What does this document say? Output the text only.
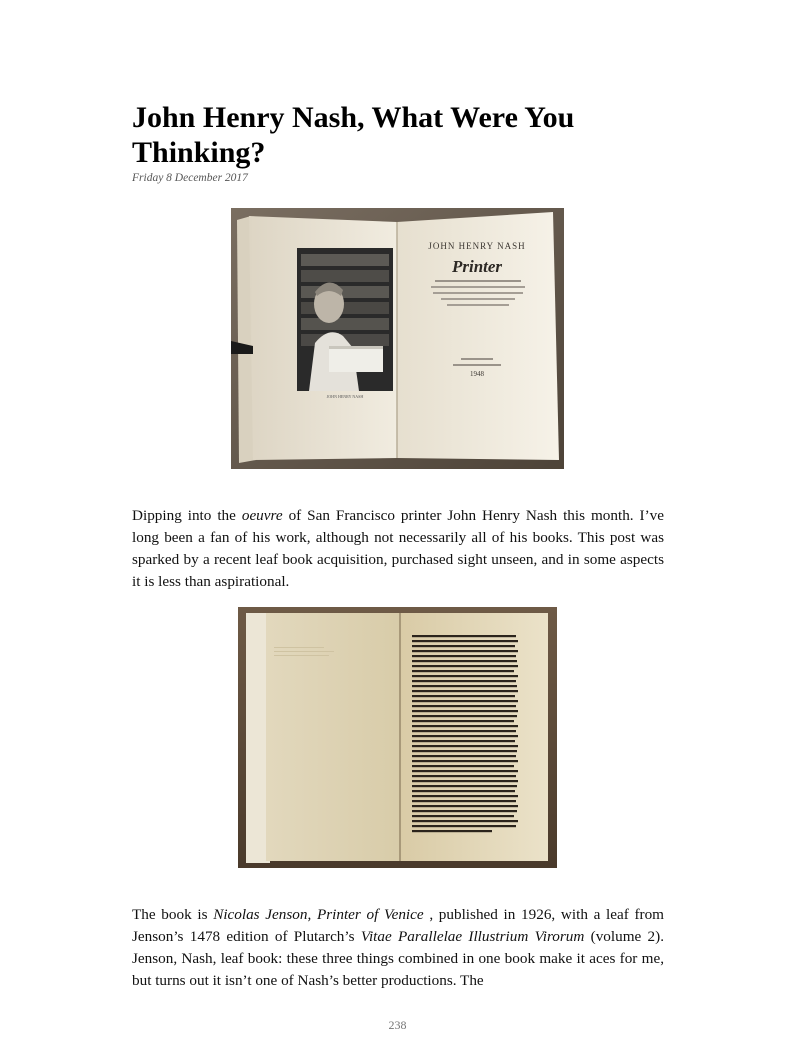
John Henry Nash, What Were You Thinking?
Friday 8 December 2017
JOHN HENRY NASH
JOHN HENRY NASH
Printer
1948

Dipping into the oeuvre of San Francisco printer John Henry Nash this month. I’ve long been a fan of his work, although not necessarily all of his books. This post was sparked by a recent leaf book acquisition, purchased sight unseen, and in some aspects it is less than aspirational.

The book is Nicolas Jenson, Printer of Venice , published in 1926, with a leaf from Jenson’s 1478 edition of Plutarch’s Vitae Parallelae Illustrium Virorum (volume 2). Jenson, Nash, leaf book: these three things combined in one book make it aces for me, but turns out it isn’t one of Nash’s better productions. The

238
